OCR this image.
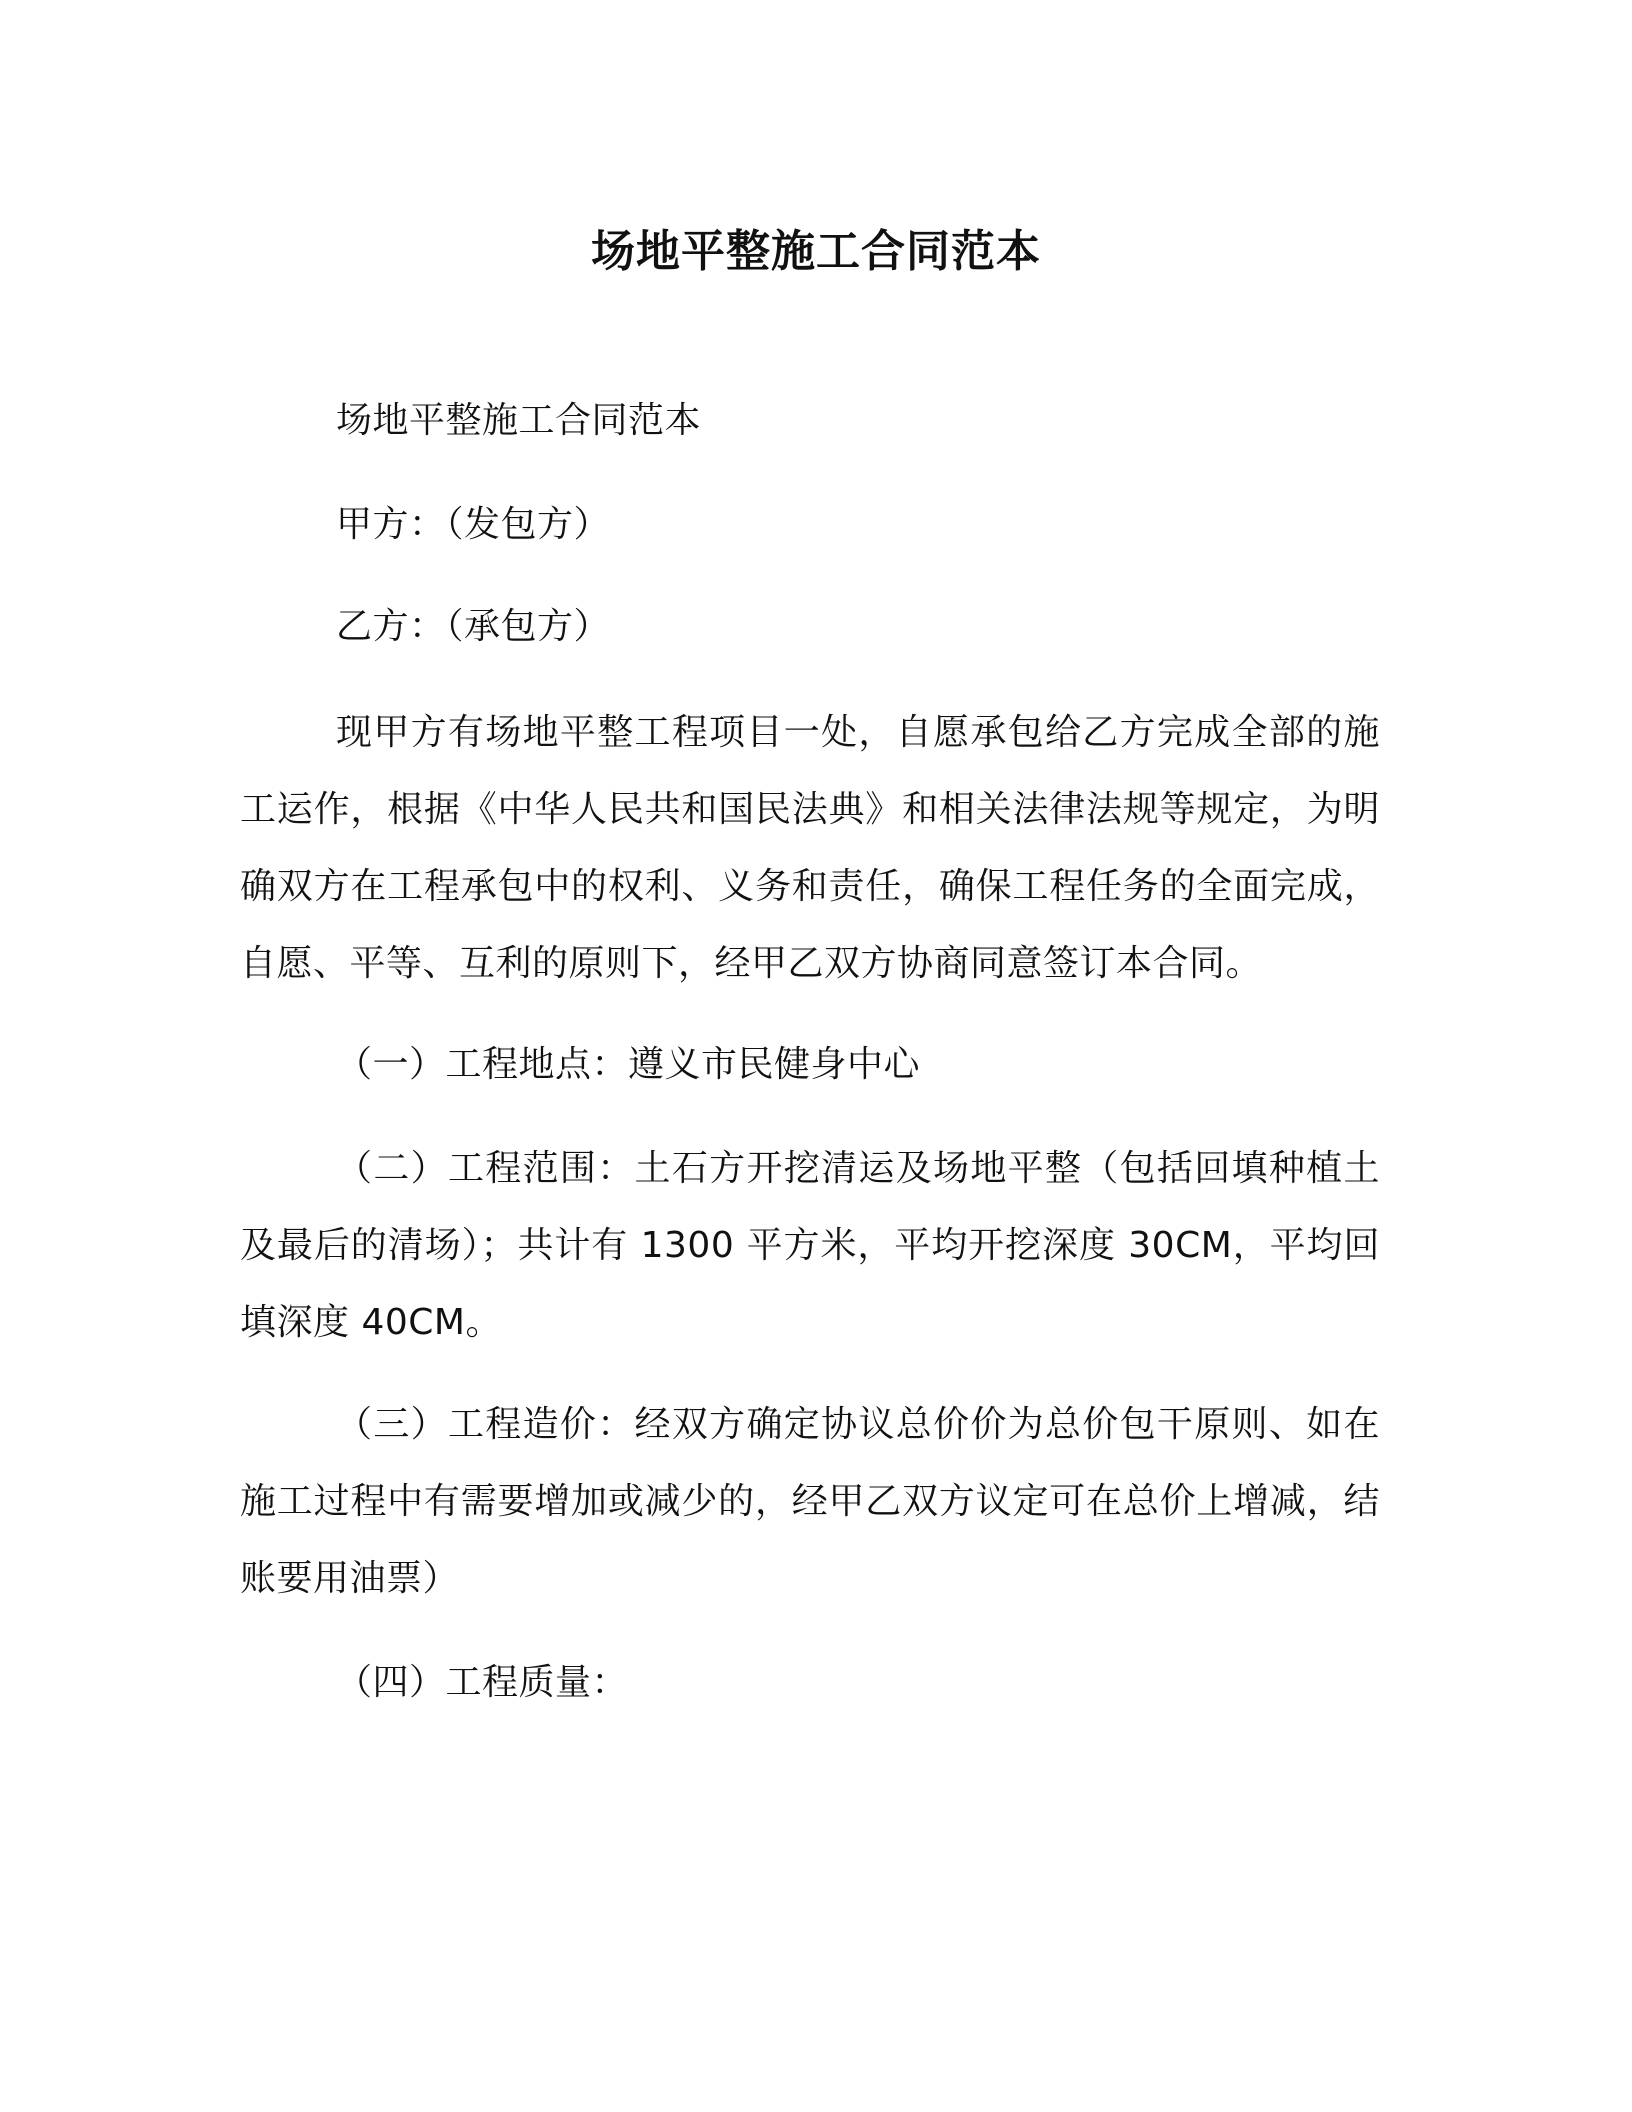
场地平整施工合同范本
场地平整施工合同范本
甲方：（发包方）
乙方：（承包方）
现甲方有场地平整工程项目一处，自愿承包给乙方完成全部的施工运作，根据《中华人民共和国民法典》和相关法律法规等规定，为明确双方在工程承包中的权利、义务和责任，确保工程任务的全面完成，自愿、平等、互利的原则下，经甲乙双方协商同意签订本合同。
（一）工程地点：遵义市民健身中心
（二）工程范围：土石方开挖清运及场地平整（包括回填种植土及最后的清场）；共计有 1300 平方米，平均开挖深度 30CM，平均回填深度 40CM。
（三）工程造价：经双方确定协议总价价为总价包干原则、如在施工过程中有需要增加或减少的，经甲乙双方议定可在总价上增减，结账要用油票）
（四）工程质量：
